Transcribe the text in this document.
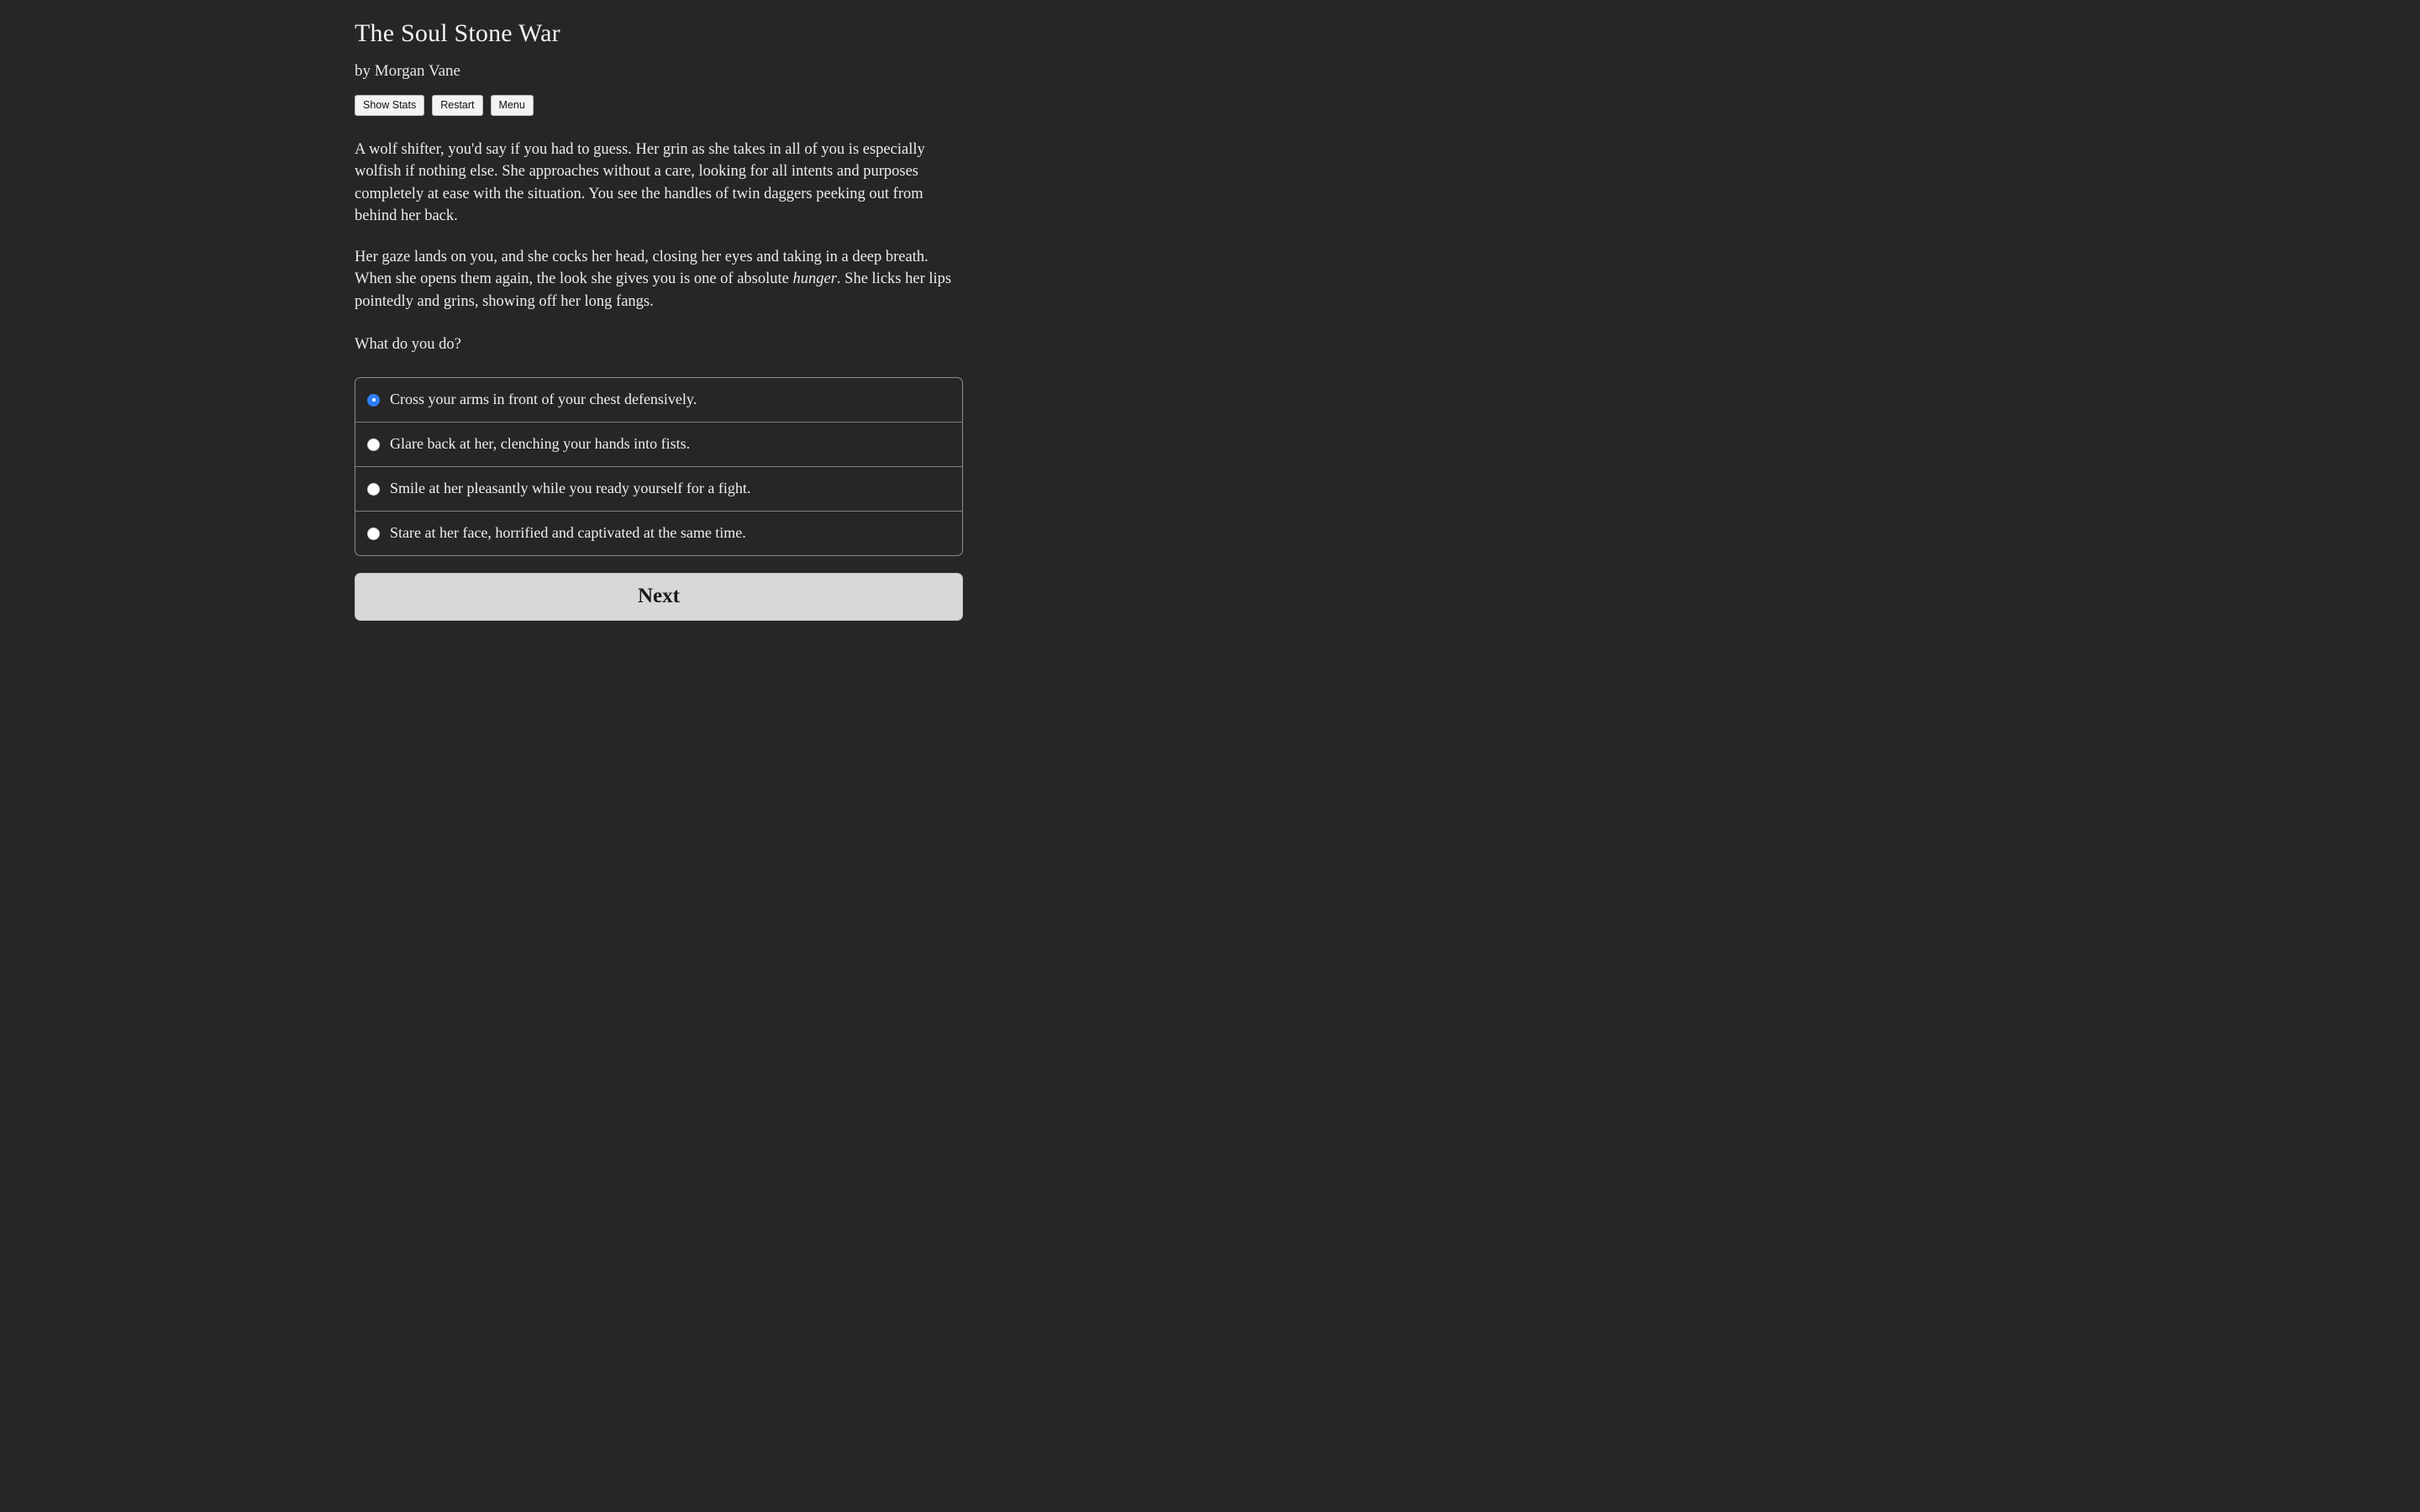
The Soul Stone War
by Morgan Vane
Show Stats	Restart	Menu

A wolf shifter, you'd say if you had to guess. Her grin as she takes in all of you is especially wolfish if nothing else. She approaches without a care, looking for all intents and purposes completely at ease with the situation. You see the handles of twin daggers peeking out from behind her back.

Her gaze lands on you, and she cocks her head, closing her eyes and taking in a deep breath. When she opens them again, the look she gives you is one of absolute hunger. She licks her lips pointedly and grins, showing off her long fangs.

What do you do?

Cross your arms in front of your chest defensively.
Glare back at her, clenching your hands into fists.
Smile at her pleasantly while you ready yourself for a fight.
Stare at her face, horrified and captivated at the same time.
Next
